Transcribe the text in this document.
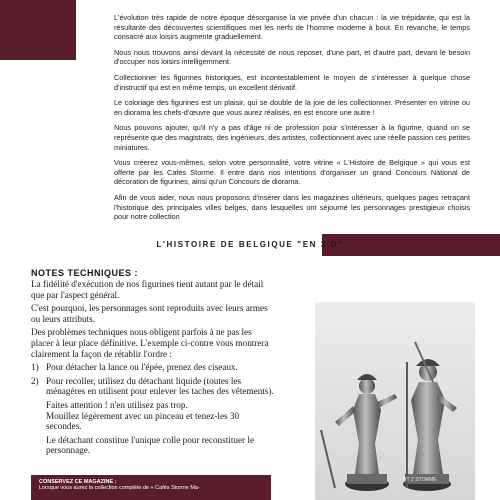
L'évolution très rapide de notre époque désorganise la vie privée d'un chacun : la vie trépidante, qui est la résultante des découvertes scientifiques met les nerfs de l'homme moderne à bout. En revanche, le temps consacré aux loisirs augmente graduellement.

Nous nous trouvons ainsi devant la nécessité de nous reposer, d'une part, et d'autre part, devant le besoin d'occuper nos loisirs intelligemment.

Collectionner les figurines historiques, est incontestablement le moyen de s'intéresser à quelque chose d'instructif qui est en même temps, un excellent dérivatif.

Le coloriage des figurines est un plaisir, qui se double de la joie de les collectionner. Présenter en vitrine ou en diorama les chefs-d'œuvre que vous aurez réalisés, en est encore une autre !

Nous pouvons ajouter, qu'il n'y a pas d'âge ni de profession pour s'intéresser à la figurine, quand on se représente que des magistrats, des ingénieurs, des artistes, collectionnent avec une réelle passion ces petites miniatures.

Vous créerez vous-mêmes, selon votre personnalité, votre vitrine « L'Histoire de Belgique » qui vous est offerte par les Cafés Storme. Il entre dans nos intentions d'organiser un grand Concours National de décoration de figurines, ainsi qu'un Concours de diorama.

Afin de vous aider, nous nous proposons d'insérer dans les magazines ultérieurs, quelques pages retraçant l'historique des principales villes belges, dans lesquelles ont séjourné les personnages prestigieux choisis pour notre collection

L'HISTOIRE DE BELGIQUE "EN 3 D"
NOTES TECHNIQUES :

La fidélité d'exécution de nos figurines tient autant par le détail que par l'aspect général.

C'est pourquoi, les personnages sont reproduits avec leurs armes ou leurs attributs.

Des problèmes techniques nous obligent parfois à ne pas les placer à leur place définitive. L'exemple ci-contre vous montrera clairement la façon de rétablir l'ordre :

1) Pour détacher la lance ou l'épée, prenez des ciseaux.
2) Pour recoller, utilisez du détachant liquide (toutes les ménagères en utilisent pour enlever les taches des vêtements).

Faites attention ! n'en utilisez pas trop.

Mouillez légèrement avec un pinceau et tenez-les 30 secondes.

Le détachant constitue l'unique colle pour reconstituer le personnage.

CONSERVEZ CE MAGAZINE :
Lorsque vous aurez la collection complète de « Cafés Storme Ma-
RT Z STORME
